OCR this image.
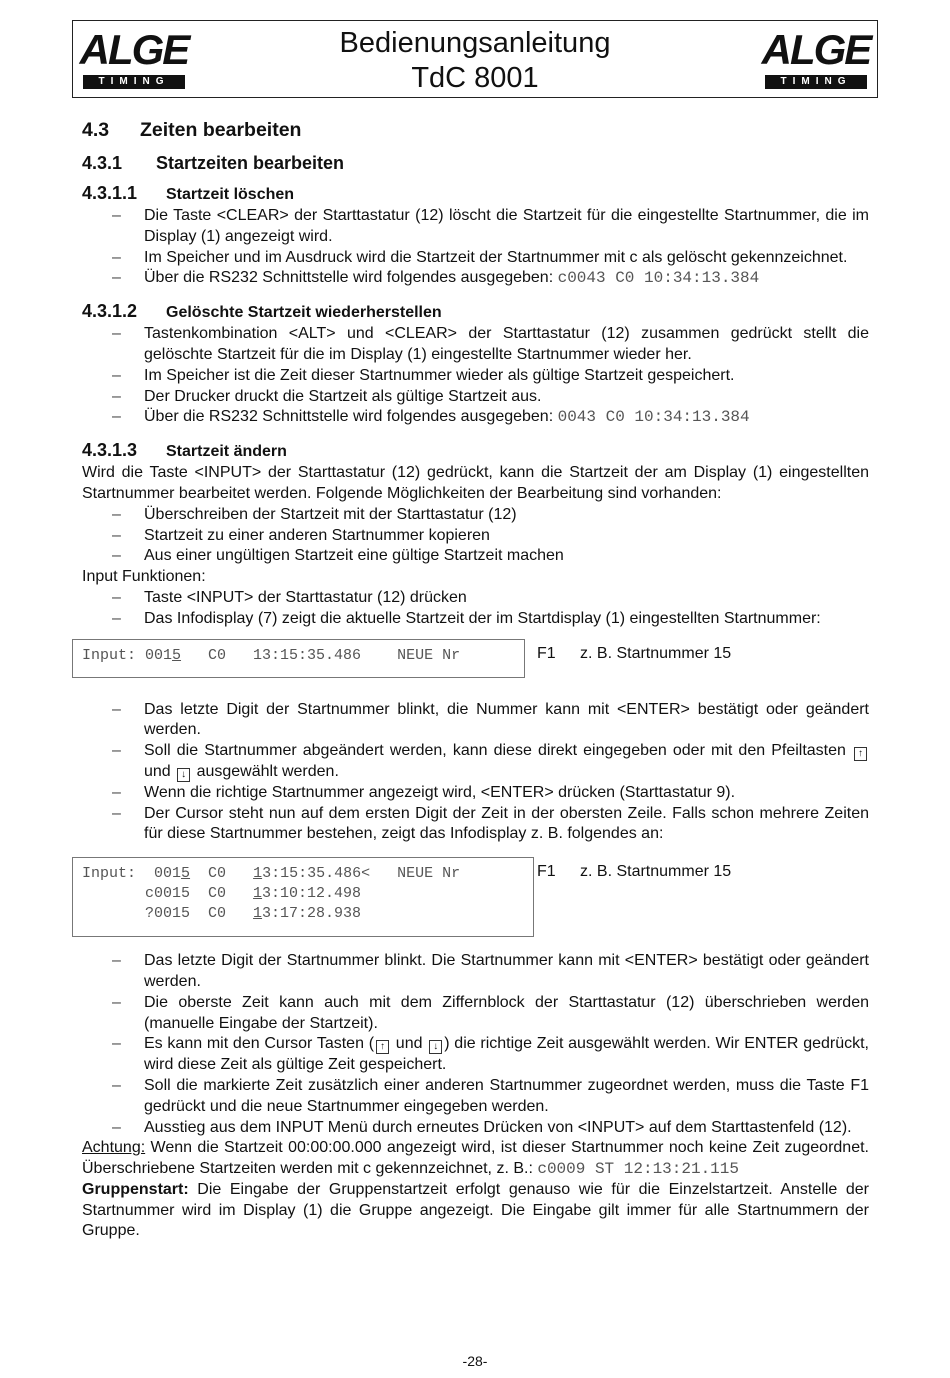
ALGE
TIMING
Bedienungsanleitung
TdC 8001
ALGE
TIMING
4.3 Zeiten bearbeiten
4.3.1 Startzeiten bearbeiten
4.3.1.1 Startzeit löschen
– Die Taste <CLEAR> der Starttastatur (12) löscht die Startzeit für die eingestellte Startnummer, die im Display (1) angezeigt wird.
– Im Speicher und im Ausdruck wird die Startzeit der Startnummer mit c als gelöscht gekennzeichnet.
– Über die RS232 Schnittstelle wird folgendes ausgegeben: c0043 C0 10:34:13.384
4.3.1.2 Gelöschte Startzeit wiederherstellen
– Tastenkombination <ALT> und <CLEAR> der Starttastatur (12) zusammen gedrückt stellt die gelöschte Startzeit für die im Display (1) eingestellte Startnummer wieder her.
– Im Speicher ist die Zeit dieser Startnummer wieder als gültige Startzeit gespeichert.
– Der Drucker druckt die Startzeit als gültige Startzeit aus.
– Über die RS232 Schnittstelle wird folgendes ausgegeben: 0043 C0 10:34:13.384
4.3.1.3 Startzeit ändern

Wird die Taste <INPUT> der Starttastatur (12) gedrückt, kann die Startzeit der am Display (1) eingestellten Startnummer bearbeitet werden. Folgende Möglichkeiten der Bearbeitung sind vorhanden:

– Überschreiben der Startzeit mit der Starttastatur (12)
– Startzeit zu einer anderen Startnummer kopieren
– Aus einer ungültigen Startzeit eine gültige Startzeit machen

Input Funktionen:

– Taste <INPUT> der Starttastatur (12) drücken
– Das Infodisplay (7) zeigt die aktuelle Startzeit der im Startdisplay (1) eingestellten Startnummer:
Input: 0015   C0   13:15:35.486    NEUE Nr	F1 z. B. Startnummer 15
– Das letzte Digit der Startnummer blinkt, die Nummer kann mit <ENTER> bestätigt oder geändert werden.
– Soll die Startnummer abgeändert werden, kann diese direkt eingegeben oder mit den Pfeiltasten ↑ und ↓ ausgewählt werden.
– Wenn die richtige Startnummer angezeigt wird, <ENTER> drücken (Starttastatur 9).
– Der Cursor steht nun auf dem ersten Digit der Zeit in der obersten Zeile. Falls schon mehrere Zeiten für diese Startnummer bestehen, zeigt das Infodisplay z. B. folgendes an:
Input:  0015  C0   13:15:35.486<   NEUE Nr
c0015  C0   13:10:12.498
?0015  C0   13:17:28.938
F1 z. B. Startnummer 15
– Das letzte Digit der Startnummer blinkt. Die Startnummer kann mit <ENTER> bestätigt oder geändert werden.
– Die oberste Zeit kann auch mit dem Ziffernblock der Starttastatur (12) überschrieben werden (manuelle Eingabe der Startzeit).
– Es kann mit den Cursor Tasten ( ↑ und ↓ ) die richtige Zeit ausgewählt werden. Wir ENTER gedrückt, wird diese Zeit als gültige Zeit gespeichert.
– Soll die markierte Zeit zusätzlich einer anderen Startnummer zugeordnet werden, muss die Taste F1 gedrückt und die neue Startnummer eingegeben werden.
– Ausstieg aus dem INPUT Menü durch erneutes Drücken von <INPUT> auf dem Starttastenfeld (12).

Achtung: Wenn die Startzeit 00:00:00.000 angezeigt wird, ist dieser Startnummer noch keine Zeit zugeordnet. Überschriebene Startzeiten werden mit c gekennzeichnet, z. B.: c0009 ST 12:13:21.115

Gruppenstart: Die Eingabe der Gruppenstartzeit erfolgt genauso wie für die Einzelstartzeit. Anstelle der Startnummer wird im Display (1) die Gruppe angezeigt. Die Eingabe gilt immer für alle Startnummern der Gruppe.

-28-
